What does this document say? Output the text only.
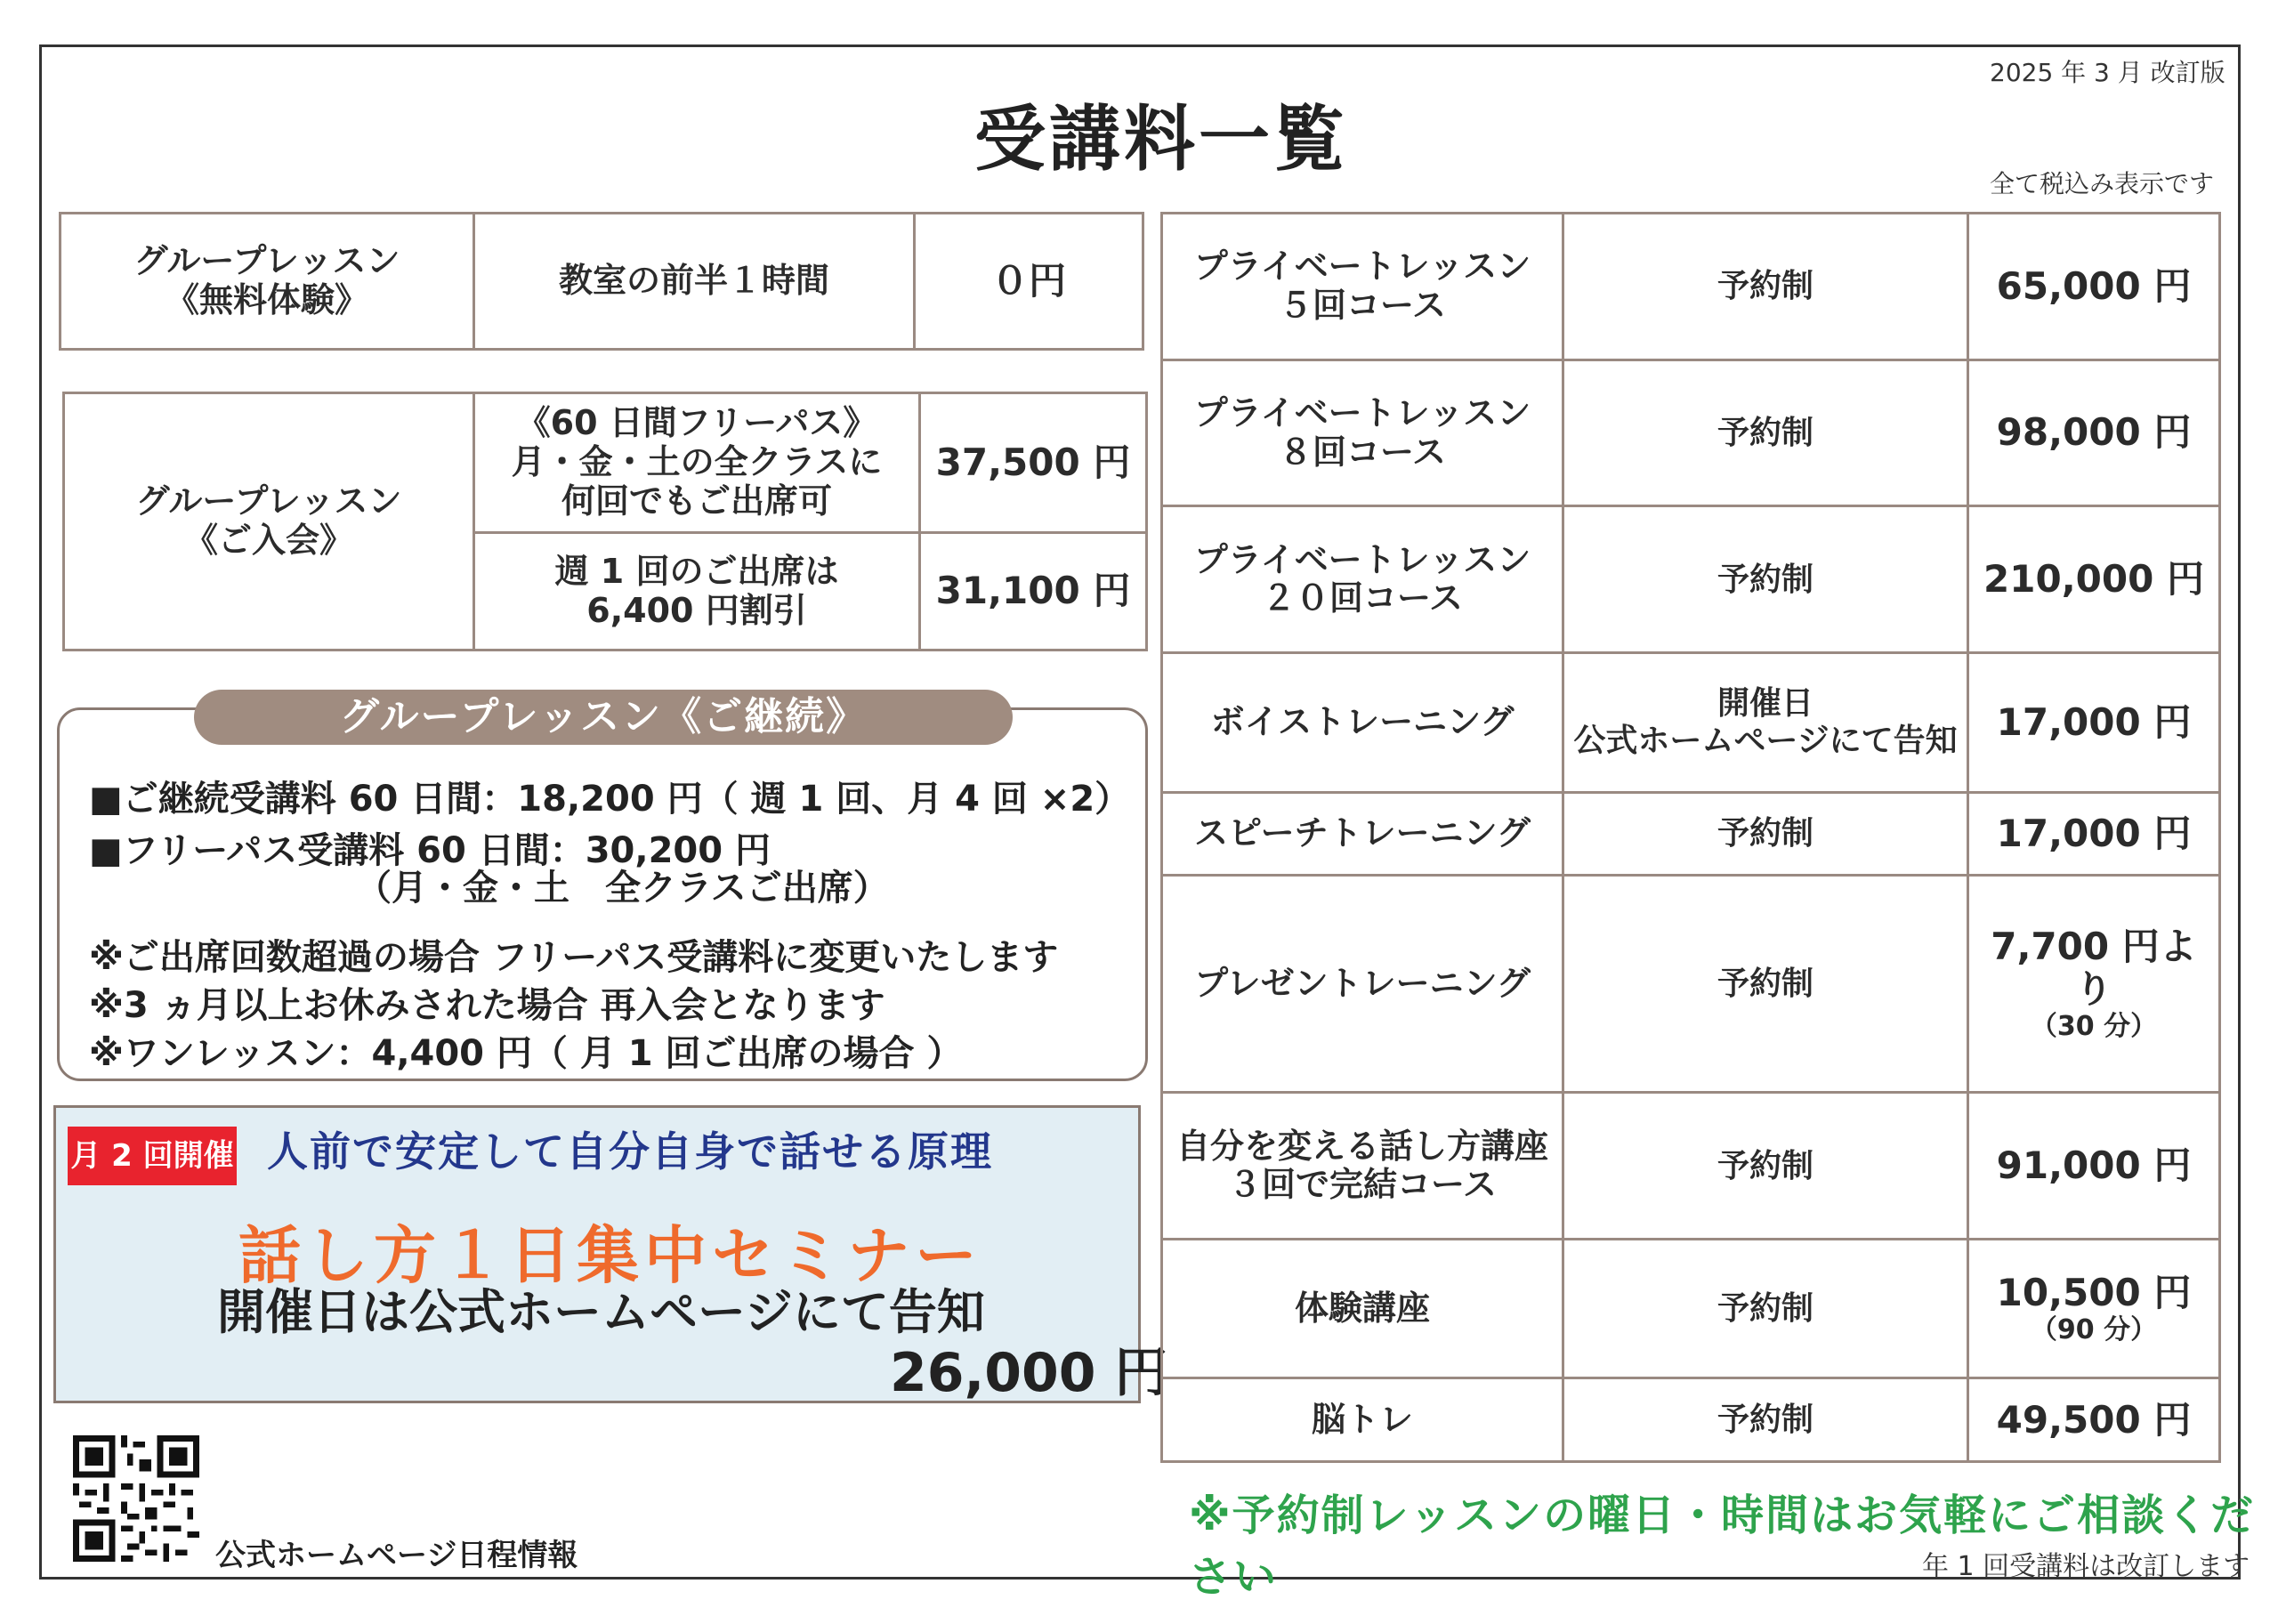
2025 年 3 月 改訂版
受講料一覧
全て税込み表示です
グループレッスン
《無料体験》	教室の前半１時間	０円
グループレッスン
《ご入会》	《60 日間フリーパス》
月・金・土の全クラスに
何回でもご出席可	37,500 円
	週 1 回のご出席は
6,400 円割引	31,100 円
グループレッスン《ご継続》
■ご継続受講料 60 日間：18,200 円（ 週 1 回、月 4 回 ×2）
■フリーパス受講料 60 日間：30,200 円
　　　　　　　　（月・金・土　全クラスご出席）
※ご出席回数超過の場合 フリーパス受講料に変更いたします
※3 ヵ月以上お休みされた場合 再入会となります
※ワンレッスン：4,400 円（ 月 1 回ご出席の場合 ）
月 2 回開催 人前で安定して自分自身で話せる原理
話し方１日集中セミナー
開催日は公式ホームページにて告知
26,000 円
プライベートレッスン
５回コース	予約制	65,000 円

プライベートレッスン
８回コース	予約制	98,000 円

プライベートレッスン
２０回コース	予約制	210,000 円

ボイストレーニング	開催日
公式ホームページにて告知	17,000 円

スピーチトレーニング	予約制	17,000 円

プレゼントレーニング	予約制	7,700 円より
（30 分）

自分を変える話し方講座
３回で完結コース	予約制	91,000 円

体験講座	予約制	10,500 円
（90 分）

脳トレ	予約制	49,500 円
公式ホームページ日程情報
※予約制レッスンの曜日・時間はお気軽にご相談ください	年 1 回受講料は改訂します
